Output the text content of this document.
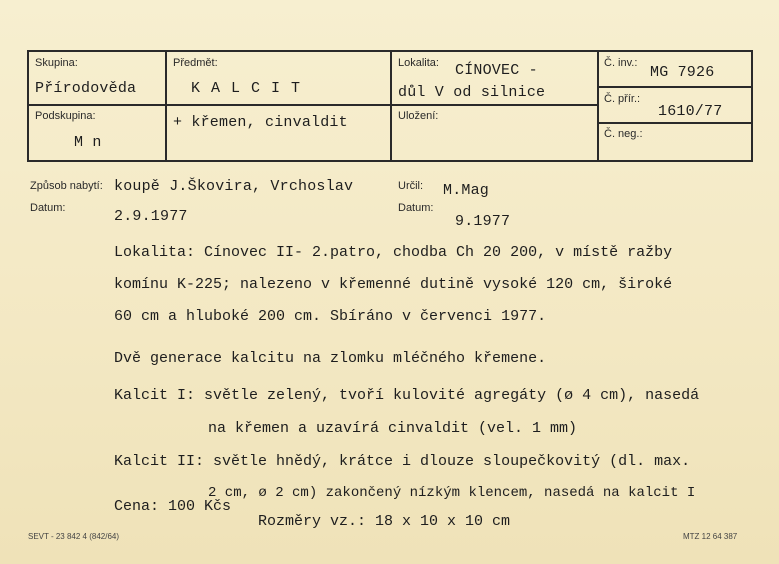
Skupina:
Přírodověda
Předmět:
K A L C I T
Lokalita: CÍNOVEC -
důl V od silnice
Č. inv.:
MG 7926
Č. přír.:
1610/77
Podskupina:
M n
+ křemen, cinvaldit	Uložení:
Č. neg.:
Způsob nabytí: koupě J.Škovira, Vrchoslav
Datum:	2.9.1977
Určil: M.Mag
Datum:
9.1977
Lokalita: Cínovec II- 2.patro, chodba Ch 20 200, v místě ražby
komínu K-225; nalezeno v křemenné dutině vysoké 120 cm, široké
60 cm a hluboké 200 cm. Sbíráno v červenci 1977.
Dvě generace kalcitu na zlomku mléčného křemene.
Kalcit I: světle zelený, tvoří kulovité agregáty (ø 4 cm), nasedá
na křemen a uzavírá cinvaldit (vel. 1 mm)
Kalcit II: světle hnědý, krátce i dlouze sloupečkovitý (dl. max.
2 cm, ø 2 cm) zakončený nízkým klencem, nasedá na kalcit I
Cena: 100 Kčs
Rozměry vz.: 18 x 10 x 10 cm
SEVT - 23 842 4 (842/64)	MTZ 12 64 387
